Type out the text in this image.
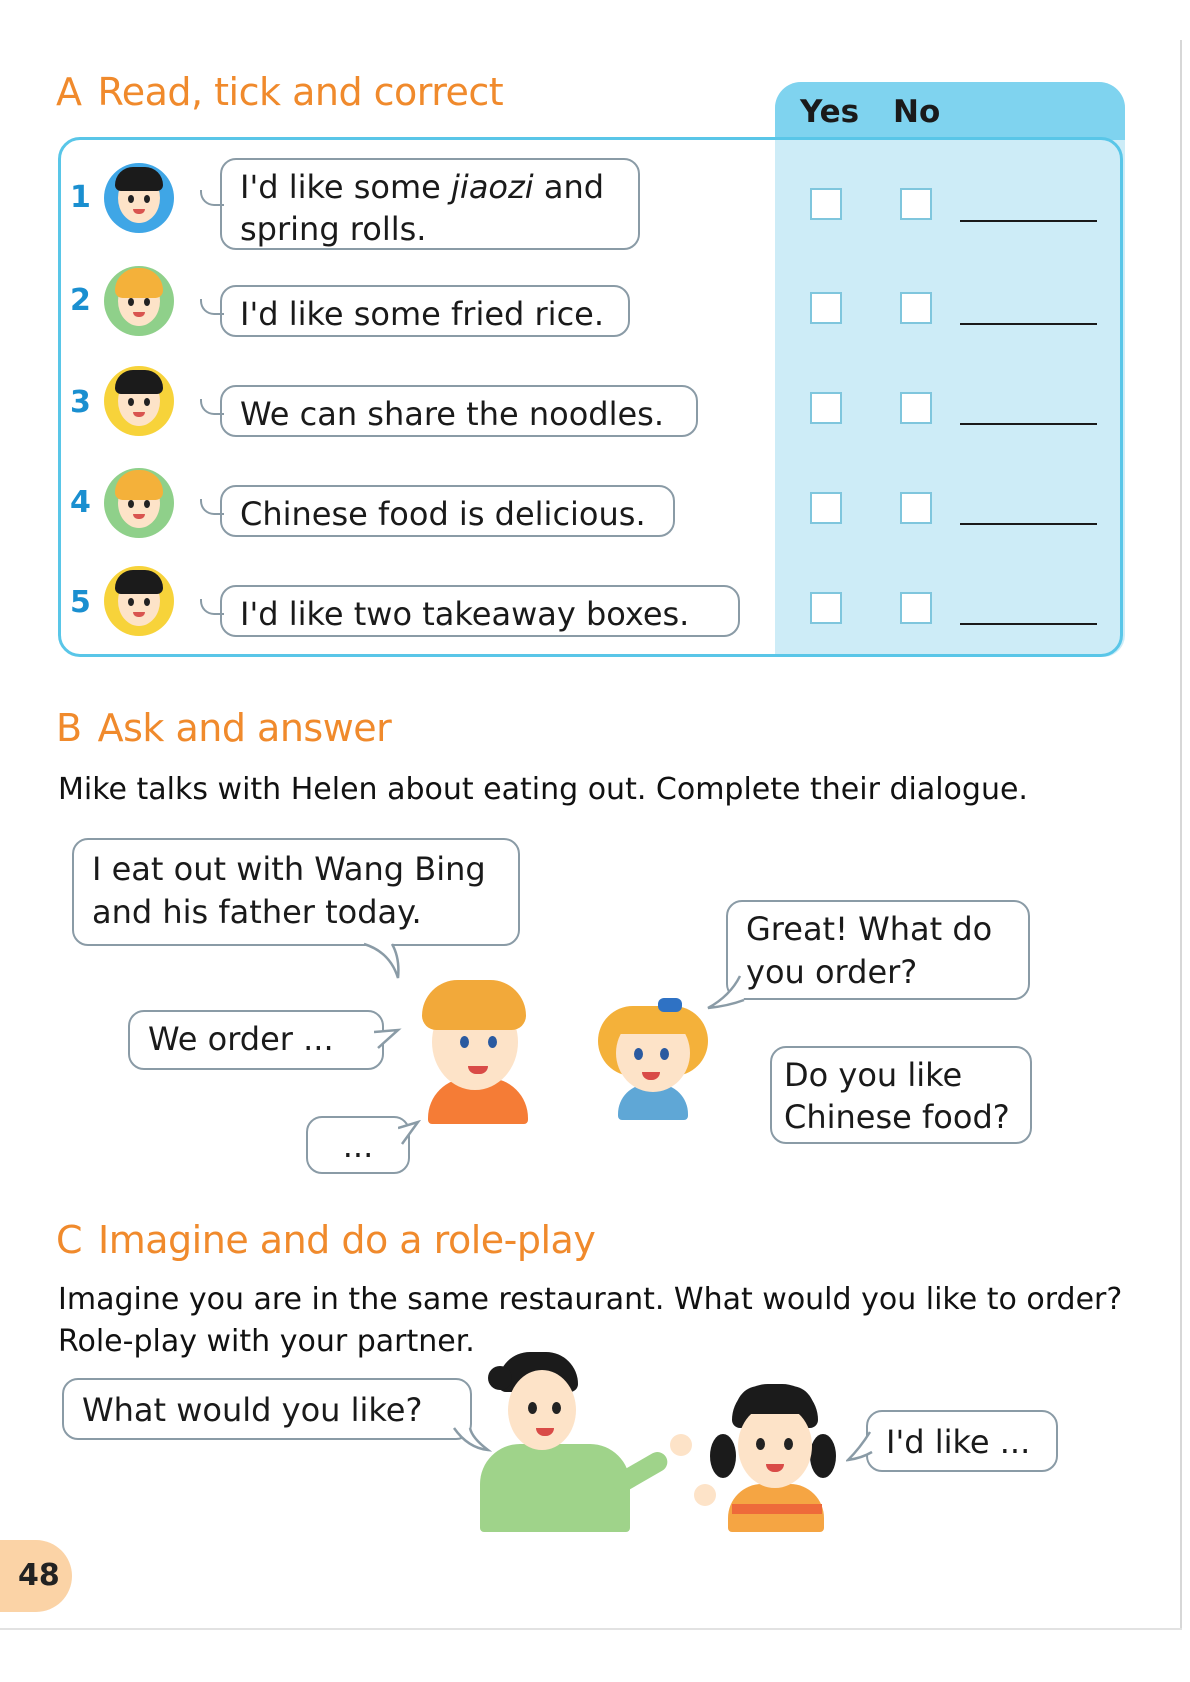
A Read, tick and correct	Yes No
1	I'd like some jiaozi and
spring rolls.
2	I'd like some fried rice.
3	We can share the noodles.
4	Chinese food is delicious.
5	I'd like two takeaway boxes.
B Ask and answer
Mike talks with Helen about eating out. Complete their dialogue.
I eat out with Wang Bing
and his father today.
We order ...
...
Great! What do
you order?
Do you like
Chinese food?
C Imagine and do a role-play
Imagine you are in the same restaurant. What would you like to order?
Role-play with your partner.
What would you like?
I'd like ...
48
